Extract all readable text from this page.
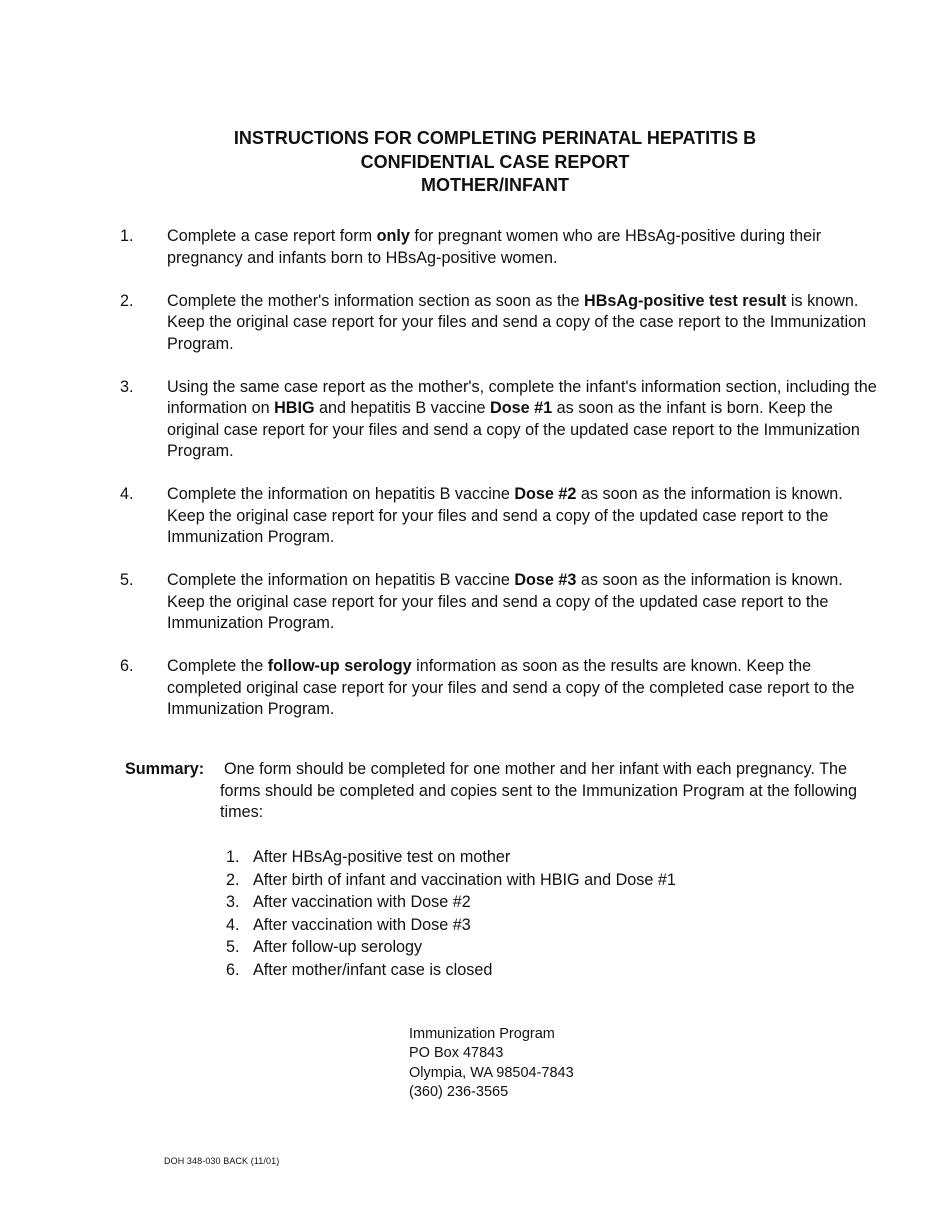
INSTRUCTIONS FOR COMPLETING PERINATAL HEPATITIS B
CONFIDENTIAL CASE REPORT
MOTHER/INFANT
1. Complete a case report form only for pregnant women who are HBsAg-positive during their pregnancy and infants born to HBsAg-positive women.
2. Complete the mother's information section as soon as the HBsAg-positive test result is known. Keep the original case report for your files and send a copy of the case report to the Immunization Program.
3. Using the same case report as the mother's, complete the infant's information section, including the information on HBIG and hepatitis B vaccine Dose #1 as soon as the infant is born. Keep the original case report for your files and send a copy of the updated case report to the Immunization Program.
4. Complete the information on hepatitis B vaccine Dose #2 as soon as the information is known. Keep the original case report for your files and send a copy of the updated case report to the Immunization Program.
5. Complete the information on hepatitis B vaccine Dose #3 as soon as the information is known. Keep the original case report for your files and send a copy of the updated case report to the Immunization Program.
6. Complete the follow-up serology information as soon as the results are known. Keep the completed original case report for your files and send a copy of the completed case report to the Immunization Program.
Summary: One form should be completed for one mother and her infant with each pregnancy. The forms should be completed and copies sent to the Immunization Program at the following times:
1. After HBsAg-positive test on mother
2. After birth of infant and vaccination with HBIG and Dose #1
3. After vaccination with Dose #2
4. After vaccination with Dose #3
5. After follow-up serology
6. After mother/infant case is closed
Immunization Program
PO Box 47843
Olympia, WA 98504-7843
(360) 236-3565
DOH 348-030 BACK (11/01)
